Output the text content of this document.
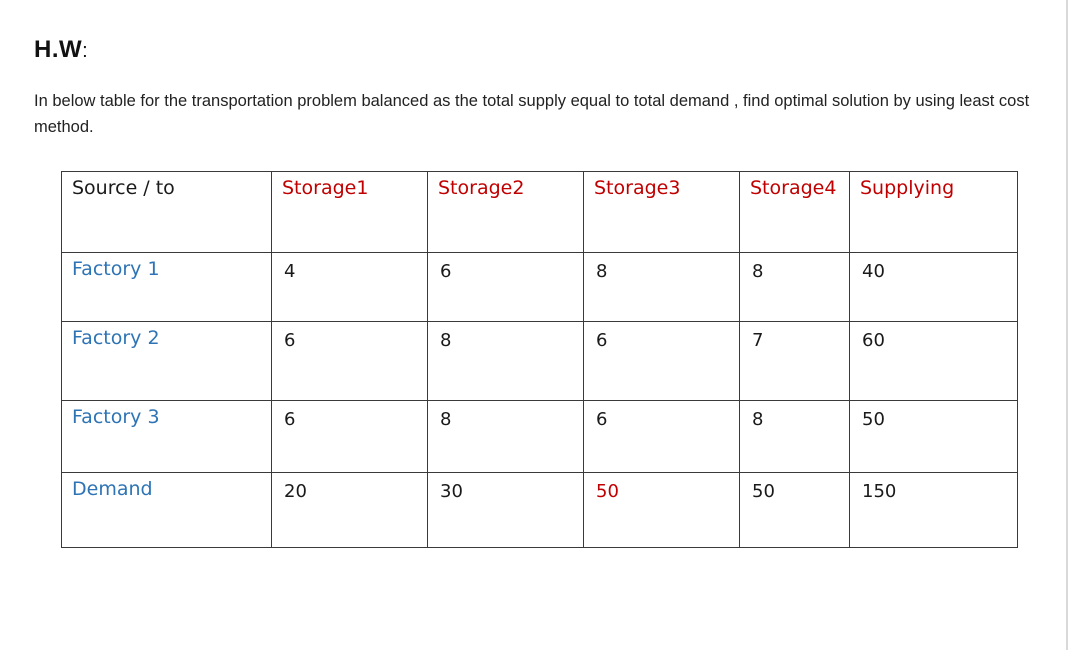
H.W:
In below table for the transportation problem balanced as the total supply equal to total demand , find optimal solution by using least cost method.
Source / to	Storage1	Storage2	Storage3	Storage4	Supplying
Factory 1	4	6	8	8	40
Factory 2	6	8	6	7	60
Factory 3	6	8	6	8	50
Demand	20	30	50	50	150
